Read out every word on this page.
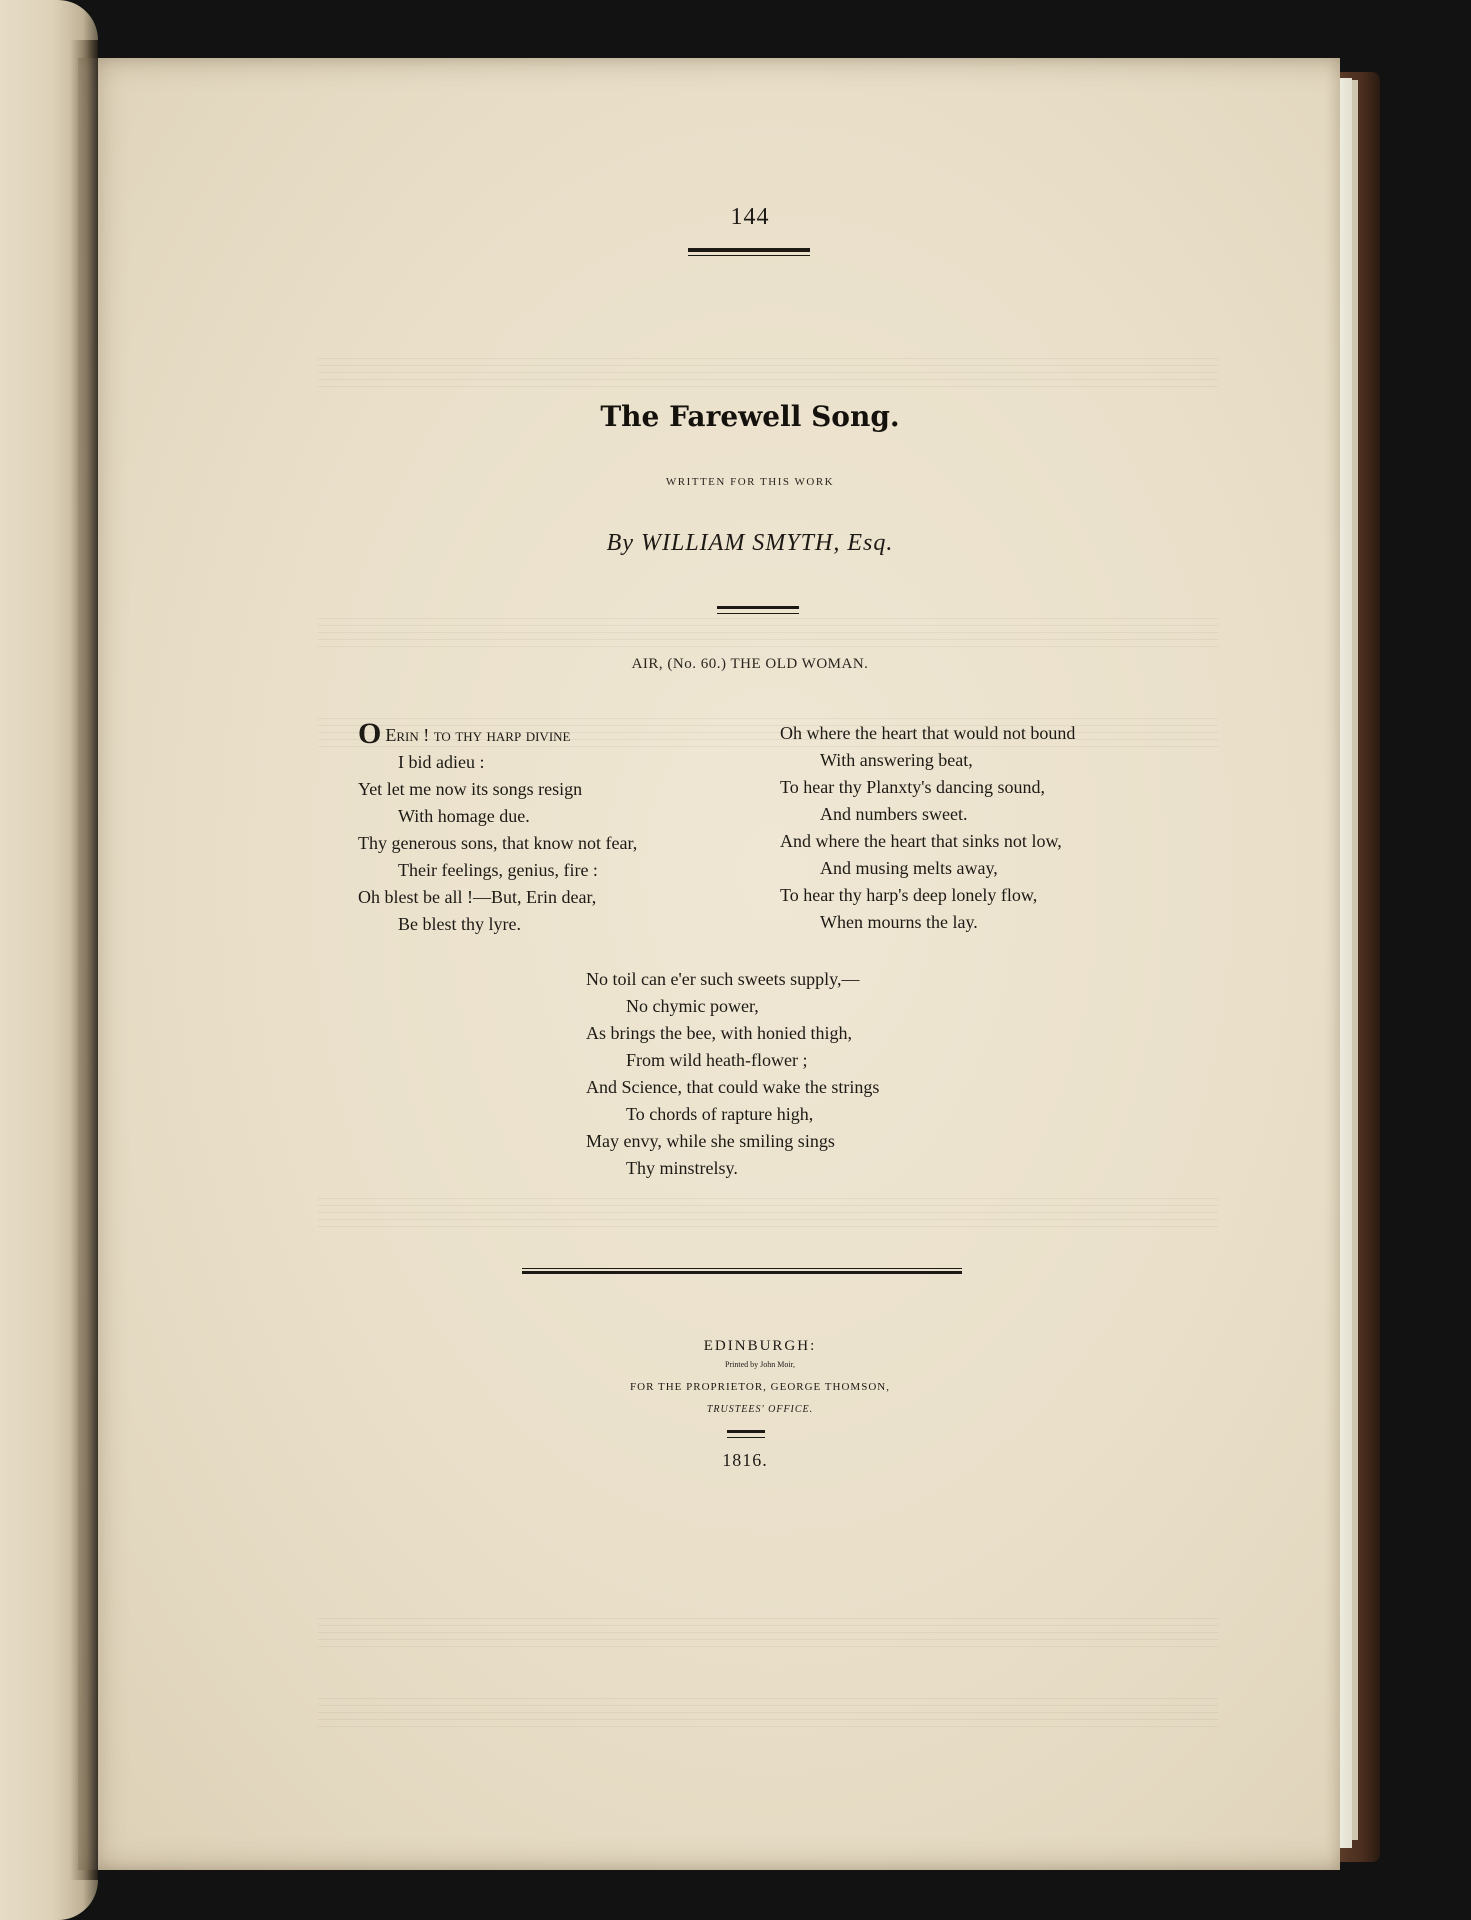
144
The Farewell Song.
WRITTEN FOR THIS WORK
By WILLIAM SMYTH, Esq.
AIR, (No. 60.) THE OLD WOMAN.
O Erin ! to thy harp divine
I bid adieu :
Yet let me now its songs resign
With homage due.
Thy generous sons, that know not fear,
Their feelings, genius, fire :
Oh blest be all !—But, Erin dear,
Be blest thy lyre.
Oh where the heart that would not bound
With answering beat,
To hear thy Planxty's dancing sound,
And numbers sweet.
And where the heart that sinks not low,
And musing melts away,
To hear thy harp's deep lonely flow,
When mourns the lay.
No toil can e'er such sweets supply,—
No chymic power,
As brings the bee, with honied thigh,
From wild heath-flower ;
And Science, that could wake the strings
To chords of rapture high,
May envy, while she smiling sings
Thy minstrelsy.
EDINBURGH:
Printed by John Moir,
FOR THE PROPRIETOR, GEORGE THOMSON,
TRUSTEES' OFFICE.
1816.
